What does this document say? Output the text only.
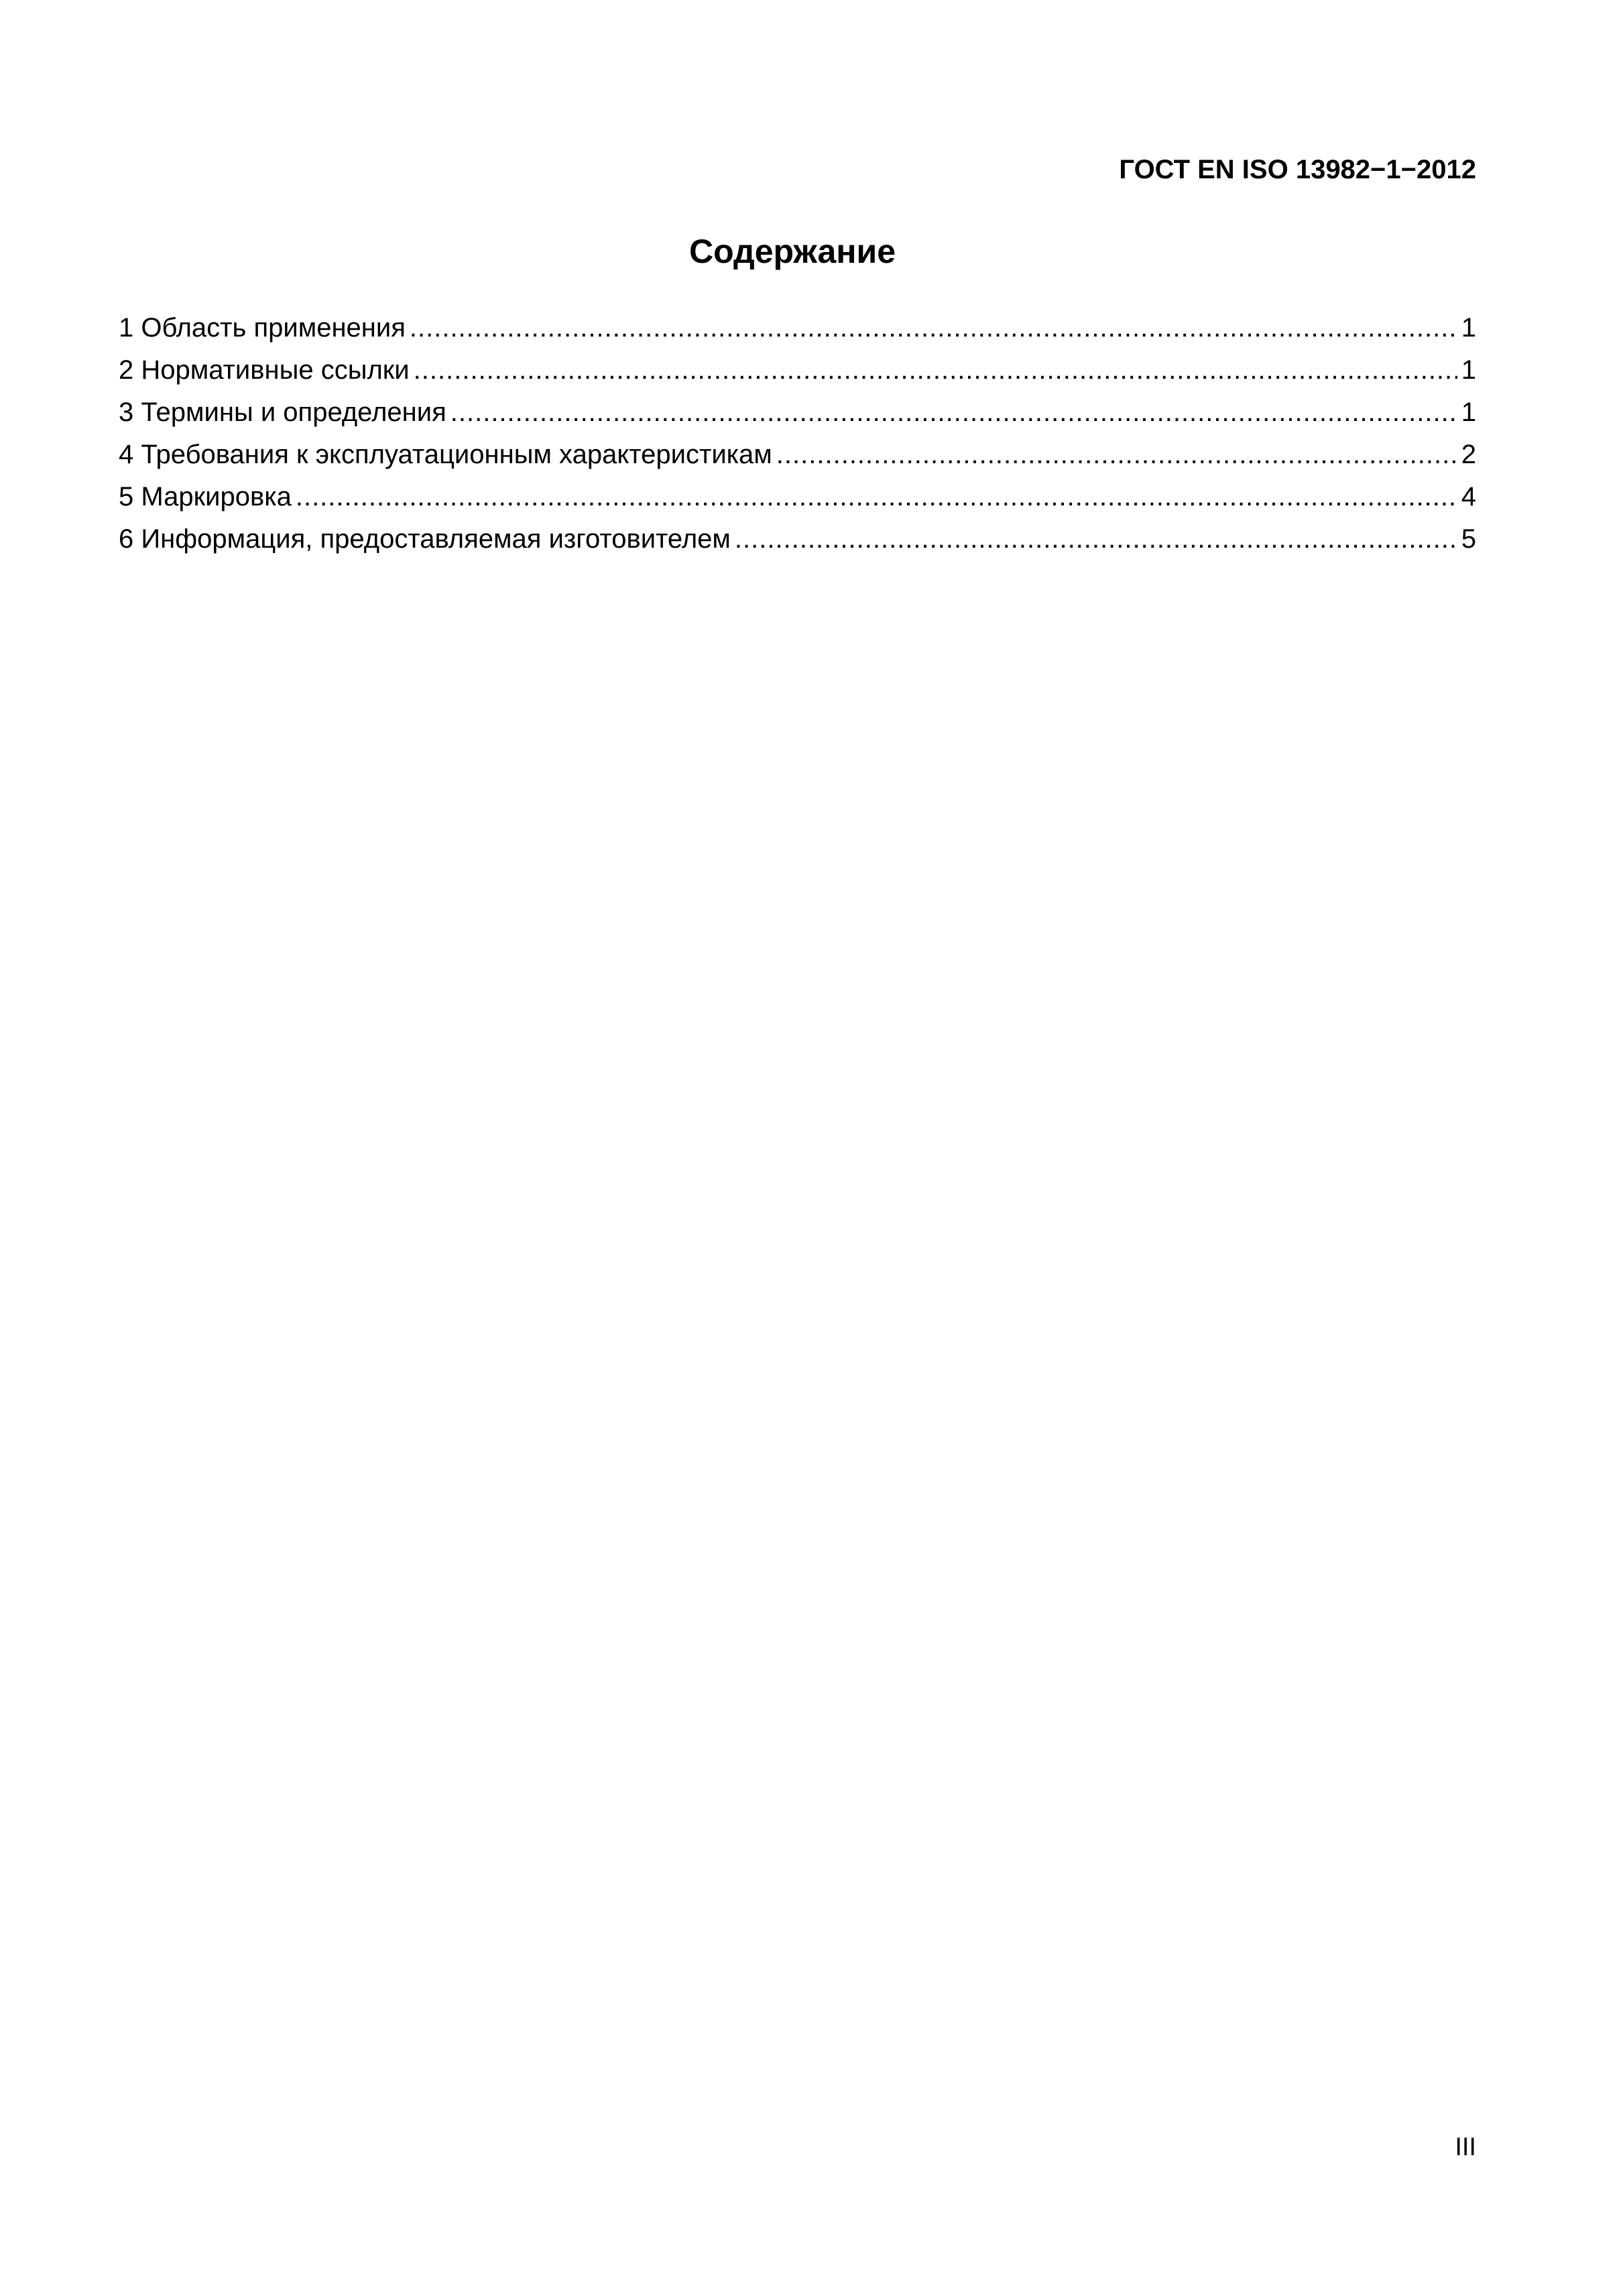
ГОСТ EN ISO 13982−1−2012
Содержание
1 Область применения .....	1
2 Нормативные ссылки .....	1
3 Термины и определения .....	1
4 Требования к эксплуатационным характеристикам .....	2
5 Маркировка .....	4
6 Информация, предоставляемая изготовителем .....	5
III
